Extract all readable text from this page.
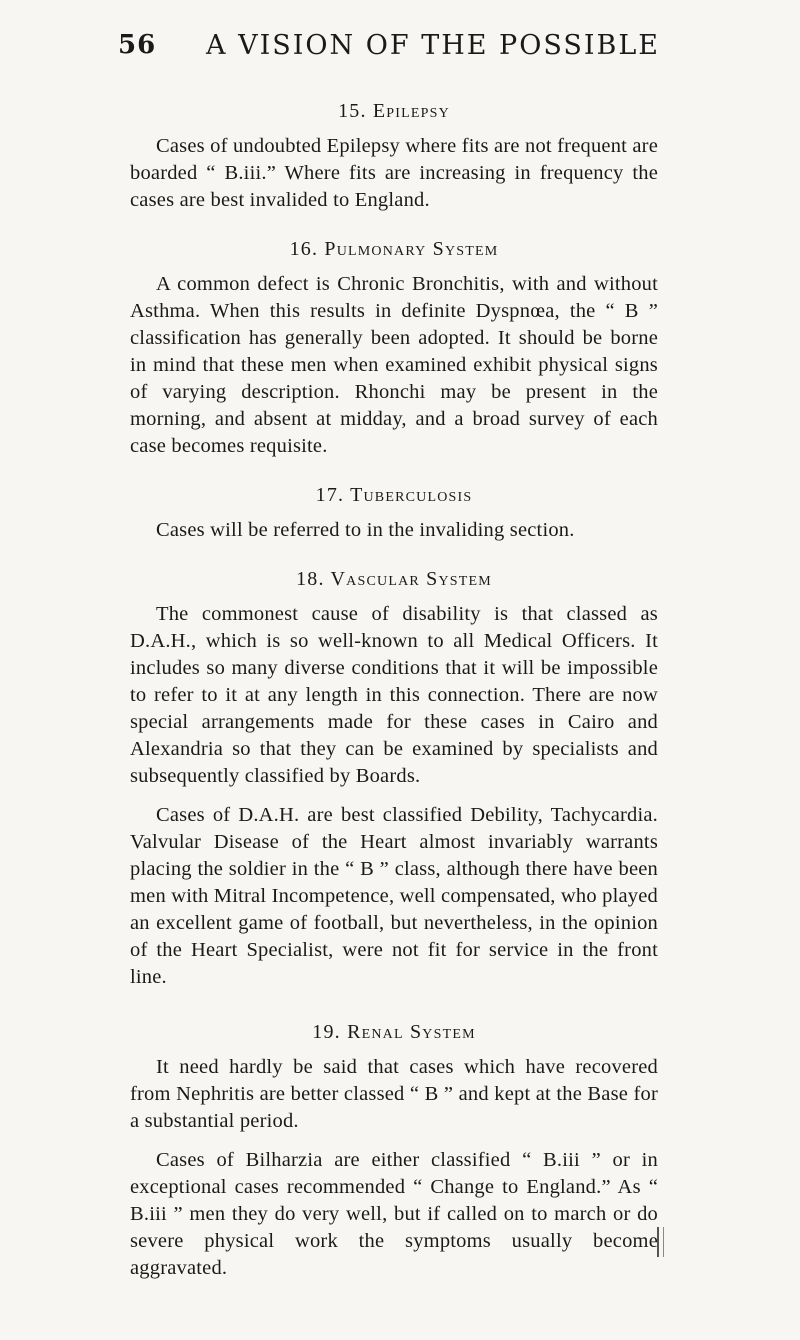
56 A VISION OF THE POSSIBLE
15. Epilepsy

Cases of undoubted Epilepsy where fits are not frequent are boarded “ B.iii.” Where fits are increasing in frequency the cases are best invalided to England.

16. Pulmonary System

A common defect is Chronic Bronchitis, with and without Asthma. When this results in definite Dyspnœa, the “ B ” classification has generally been adopted. It should be borne in mind that these men when examined exhibit physical signs of varying description. Rhonchi may be present in the morning, and absent at midday, and a broad survey of each case becomes requisite.

17. Tuberculosis

Cases will be referred to in the invaliding section.

18. Vascular System

The commonest cause of disability is that classed as D.A.H., which is so well-known to all Medical Officers. It includes so many diverse conditions that it will be impossible to refer to it at any length in this connection. There are now special arrangements made for these cases in Cairo and Alexandria so that they can be examined by specialists and subsequently classified by Boards.

Cases of D.A.H. are best classified Debility, Tachycardia. Valvular Disease of the Heart almost invariably warrants placing the soldier in the “ B ” class, although there have been men with Mitral Incompetence, well compensated, who played an excellent game of football, but nevertheless, in the opinion of the Heart Specialist, were not fit for service in the front line.

19. Renal System

It need hardly be said that cases which have recovered from Nephritis are better classed “ B ” and kept at the Base for a substantial period.

Cases of Bilharzia are either classified “ B.iii ” or in exceptional cases recommended “ Change to England.” As “ B.iii ” men they do very well, but if called on to march or do severe physical work the symptoms usually become aggravated.
